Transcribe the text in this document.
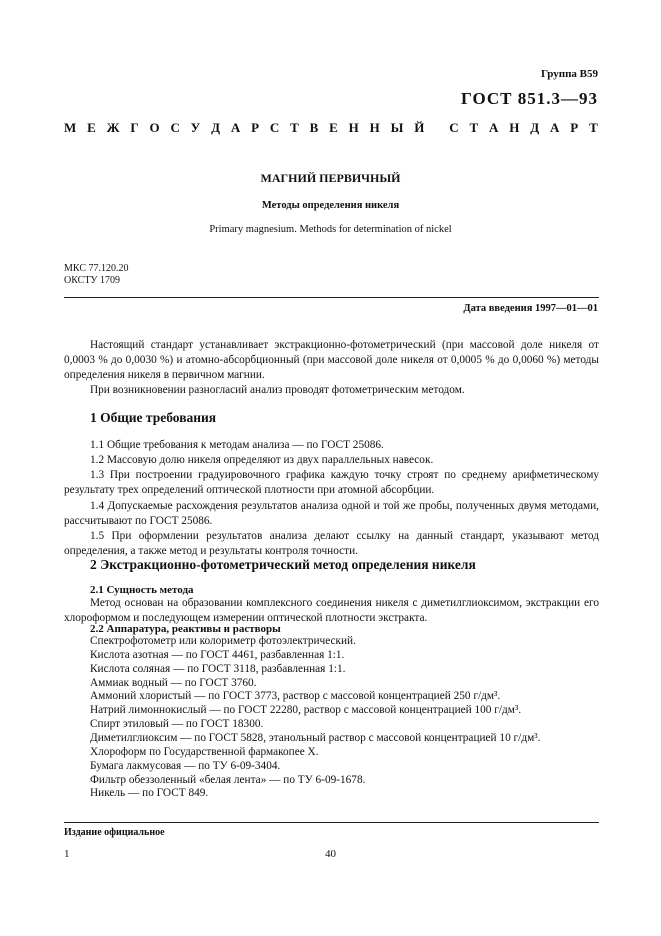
Группа В59
ГОСТ 851.3—93
М Е Ж Г О С У Д А Р С Т В Е Н Н Ы Й
С Т А Н Д А Р Т
МАГНИЙ ПЕРВИЧНЫЙ
Методы определения никеля
Primary magnesium. Methods for determination of nickel
МКС 77.120.20
ОКСТУ 1709
Дата введения 1997—01—01
Настоящий стандарт устанавливает экстракционно-фотометрический (при массовой доле никеля от 0,0003 % до 0,0030 %) и атомно-абсорбционный (при массовой доле никеля от 0,0005 % до 0,0060 %) методы определения никеля в первичном магнии.
При возникновении разногласий анализ проводят фотометрическим методом.
1 Общие требования
1.1 Общие требования к методам анализа — по ГОСТ 25086.
1.2 Массовую долю никеля определяют из двух параллельных навесок.
1.3 При построении градуировочного графика каждую точку строят по среднему арифметическому результату трех определений оптической плотности при атомной абсорбции.
1.4 Допускаемые расхождения результатов анализа одной и той же пробы, полученных двумя методами, рассчитывают по ГОСТ 25086.
1.5 При оформлении результатов анализа делают ссылку на данный стандарт, указывают метод определения, а также метод и результаты контроля точности.
2 Экстракционно-фотометрический метод определения никеля
2.1 Сущность метода
Метод основан на образовании комплексного соединения никеля с диметилглиоксимом, экстракции его хлороформом и последующем измерении оптической плотности экстракта.
2.2 Аппаратура, реактивы и растворы
Спектрофотометр или колориметр фотоэлектрический.
Кислота азотная — по ГОСТ 4461, разбавленная 1:1.
Кислота соляная — по ГОСТ 3118, разбавленная 1:1.
Аммиак водный — по ГОСТ 3760.
Аммоний хлористый — по ГОСТ 3773, раствор с массовой концентрацией 250 г/дм³.
Натрий лимоннокислый — по ГОСТ 22280, раствор с массовой концентрацией 100 г/дм³.
Спирт этиловый — по ГОСТ 18300.
Диметилглиоксим — по ГОСТ 5828, этанольный раствор с массовой концентрацией 10 г/дм³.
Хлороформ по Государственной фармакопее X.
Бумага лакмусовая — по ТУ 6-09-3404.
Фильтр обеззоленный «белая лента» — по ТУ 6-09-1678.
Никель — по ГОСТ 849.
Издание официальное
1	40
